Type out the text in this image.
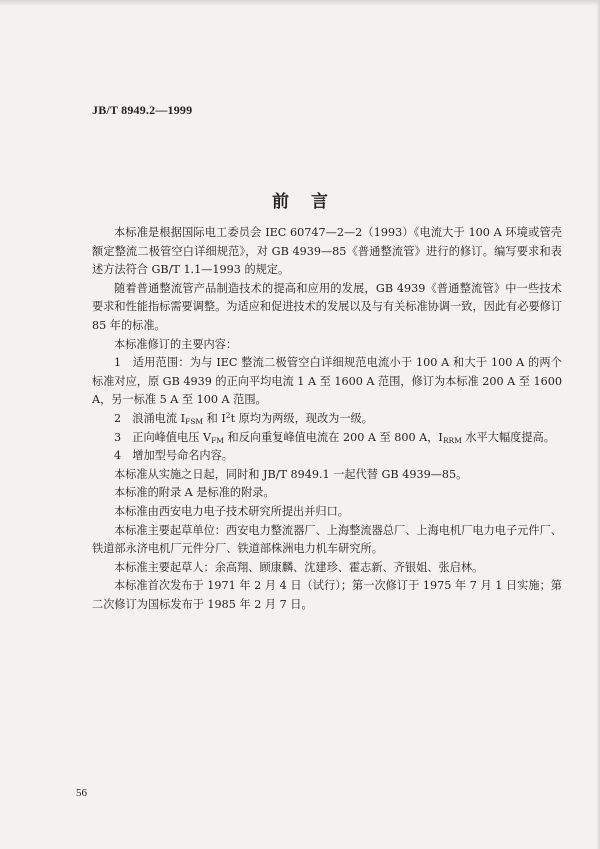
JB/T 8949.2—1999
前言

本标准是根据国际电工委员会 IEC 60747—2—2（1993）《电流大于 100 A 环境或管壳额定整流二极管空白详细规范》，对 GB 4939—85《普通整流管》进行的修订。编写要求和表述方法符合 GB/T 1.1—1993 的规定。

随着普通整流管产品制造技术的提高和应用的发展，GB 4939《普通整流管》中一些技术要求和性能指标需要调整。为适应和促进技术的发展以及与有关标准协调一致，因此有必要修订 85 年的标准。

本标准修订的主要内容：

1　适用范围：为与 IEC 整流二极管空白详细规范电流小于 100 A 和大于 100 A 的两个标准对应，原 GB 4939 的正向平均电流 1 A 至 1600 A 范围，修订为本标准 200 A 至 1600 A，另一标准 5 A 至 100 A 范围。

2　浪涌电流 $I_{FSM}$ 和 $I^2t$ 原均为两级，现改为一级。

3　正向峰值电压 $V_{FM}$ 和反向重复峰值电流在 200 A 至 800 A，$I_{RRM}$ 水平大幅度提高。

4　增加型号命名内容。

本标准从实施之日起，同时和 JB/T 8949.1 一起代替 GB 4939—85。

本标准的附录 A 是标准的附录。

本标准由西安电力电子技术研究所提出并归口。

本标准主要起草单位：西安电力整流器厂、上海整流器总厂、上海电机厂电力电子元件厂、铁道部永济电机厂元件分厂、铁道部株洲电力机车研究所。

本标准主要起草人：余高翔、顾康麟、沈建珍、霍志新、齐银姐、张启林。

本标准首次发布于 1971 年 2 月 4 日（试行）；第一次修订于 1975 年 7 月 1 日实施；第二次修订为国标发布于 1985 年 2 月 7 日。

56
